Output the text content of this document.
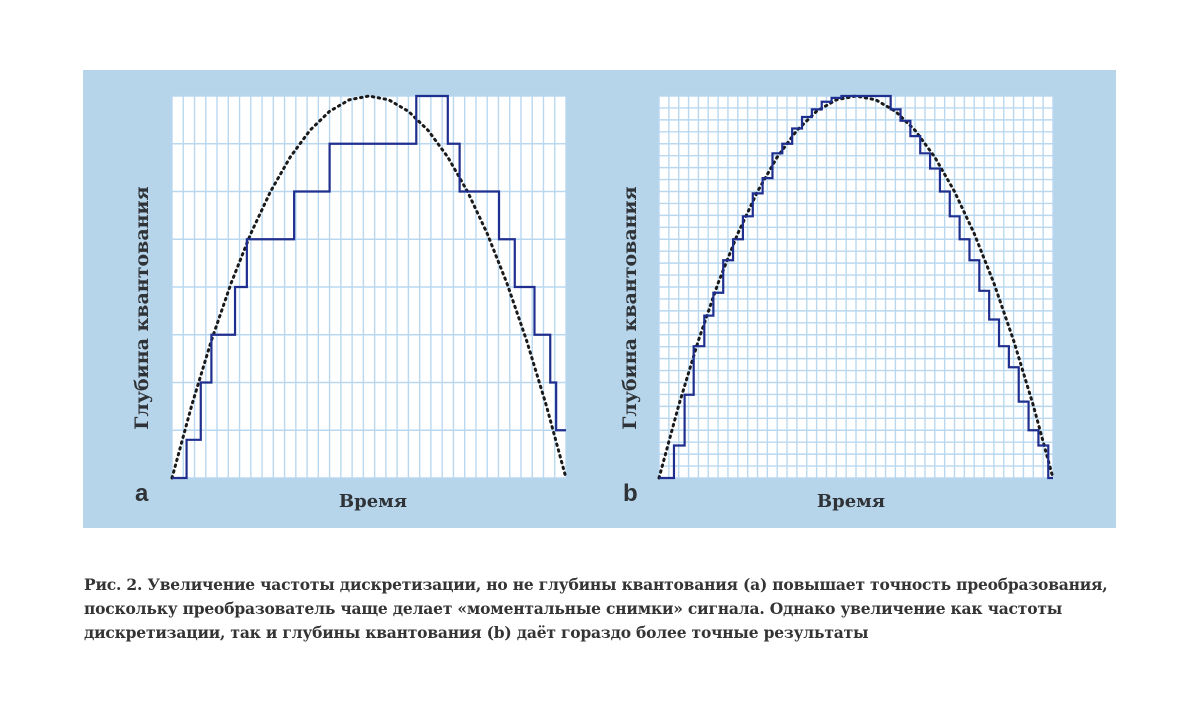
Глубина квантования
Время
a
Глубина квантования
Время
b
Рис. 2. Увеличение частоты дискретизации, но не глубины квантования (a) повышает точность преобразования, поскольку преобразователь чаще делает «моментальные снимки» сигнала. Однако увеличение как частоты дискретизации, так и глубины квантования (b) даёт гораздо более точные результаты
